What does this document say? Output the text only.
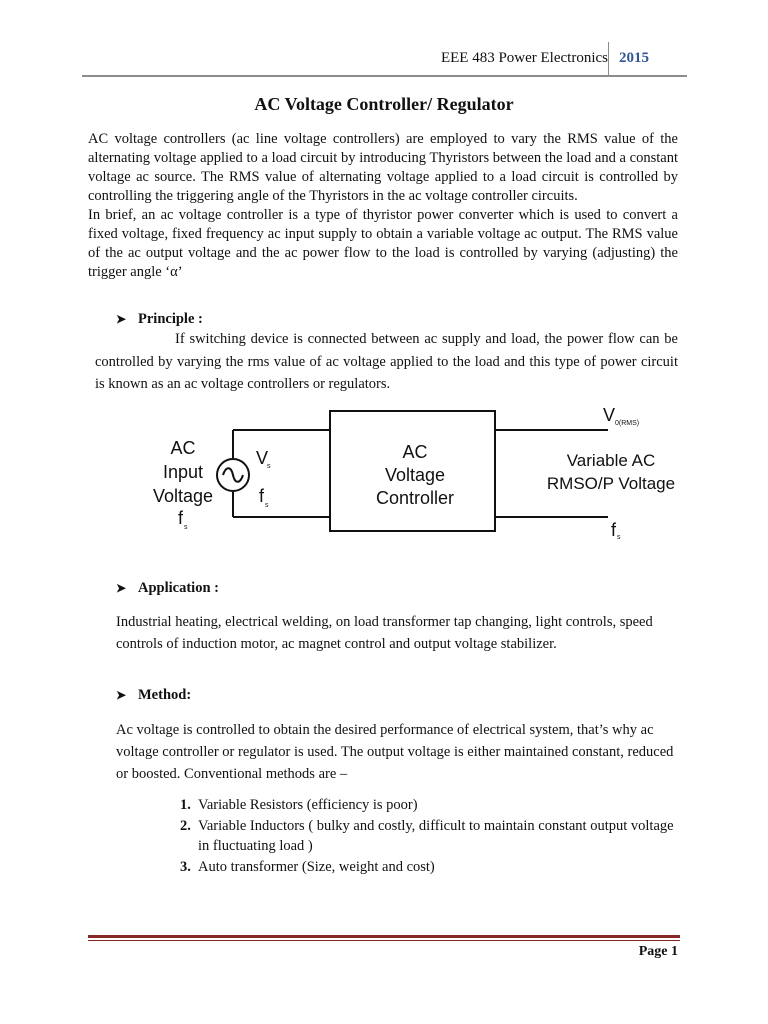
EEE 483 Power Electronics 2015
AC Voltage Controller/ Regulator

AC voltage controllers (ac line voltage controllers) are employed to vary the RMS value of the alternating voltage applied to a load circuit by introducing Thyristors between the load and a constant voltage ac source. The RMS value of alternating voltage applied to a load circuit is controlled by controlling the triggering angle of the Thyristors in the ac voltage controller circuits.

In brief, an ac voltage controller is a type of thyristor power converter which is used to convert a fixed voltage, fixed frequency ac input supply to obtain a variable voltage ac output. The RMS value of the ac output voltage and the ac power flow to the load is controlled by varying (adjusting) the trigger angle ‘α’

➤ Principle :
If switching device is connected between ac supply and load, the power flow can be controlled by varying the rms value of ac voltage applied to the load and this type of power circuit is known as an ac voltage controllers or regulators.
AC
Input
Voltage
f s
V
s
f s
AC
Voltage
Controller
V 0(RMS)
Variable AC
RMSO/P Voltage
f s
➤ Application :
Industrial heating, electrical welding, on load transformer tap changing, light controls, speed controls of induction motor, ac magnet control and output voltage stabilizer.
➤ Method:
Ac voltage is controlled to obtain the desired performance of electrical system, that’s why ac voltage controller or regulator is used. The output voltage is either maintained constant, reduced or boosted. Conventional methods are –
1. Variable Resistors (efficiency is poor)
2. Variable Inductors ( bulky and costly, difficult to maintain constant output voltage in fluctuating load )
3. Auto transformer (Size, weight and cost)
Page 1
